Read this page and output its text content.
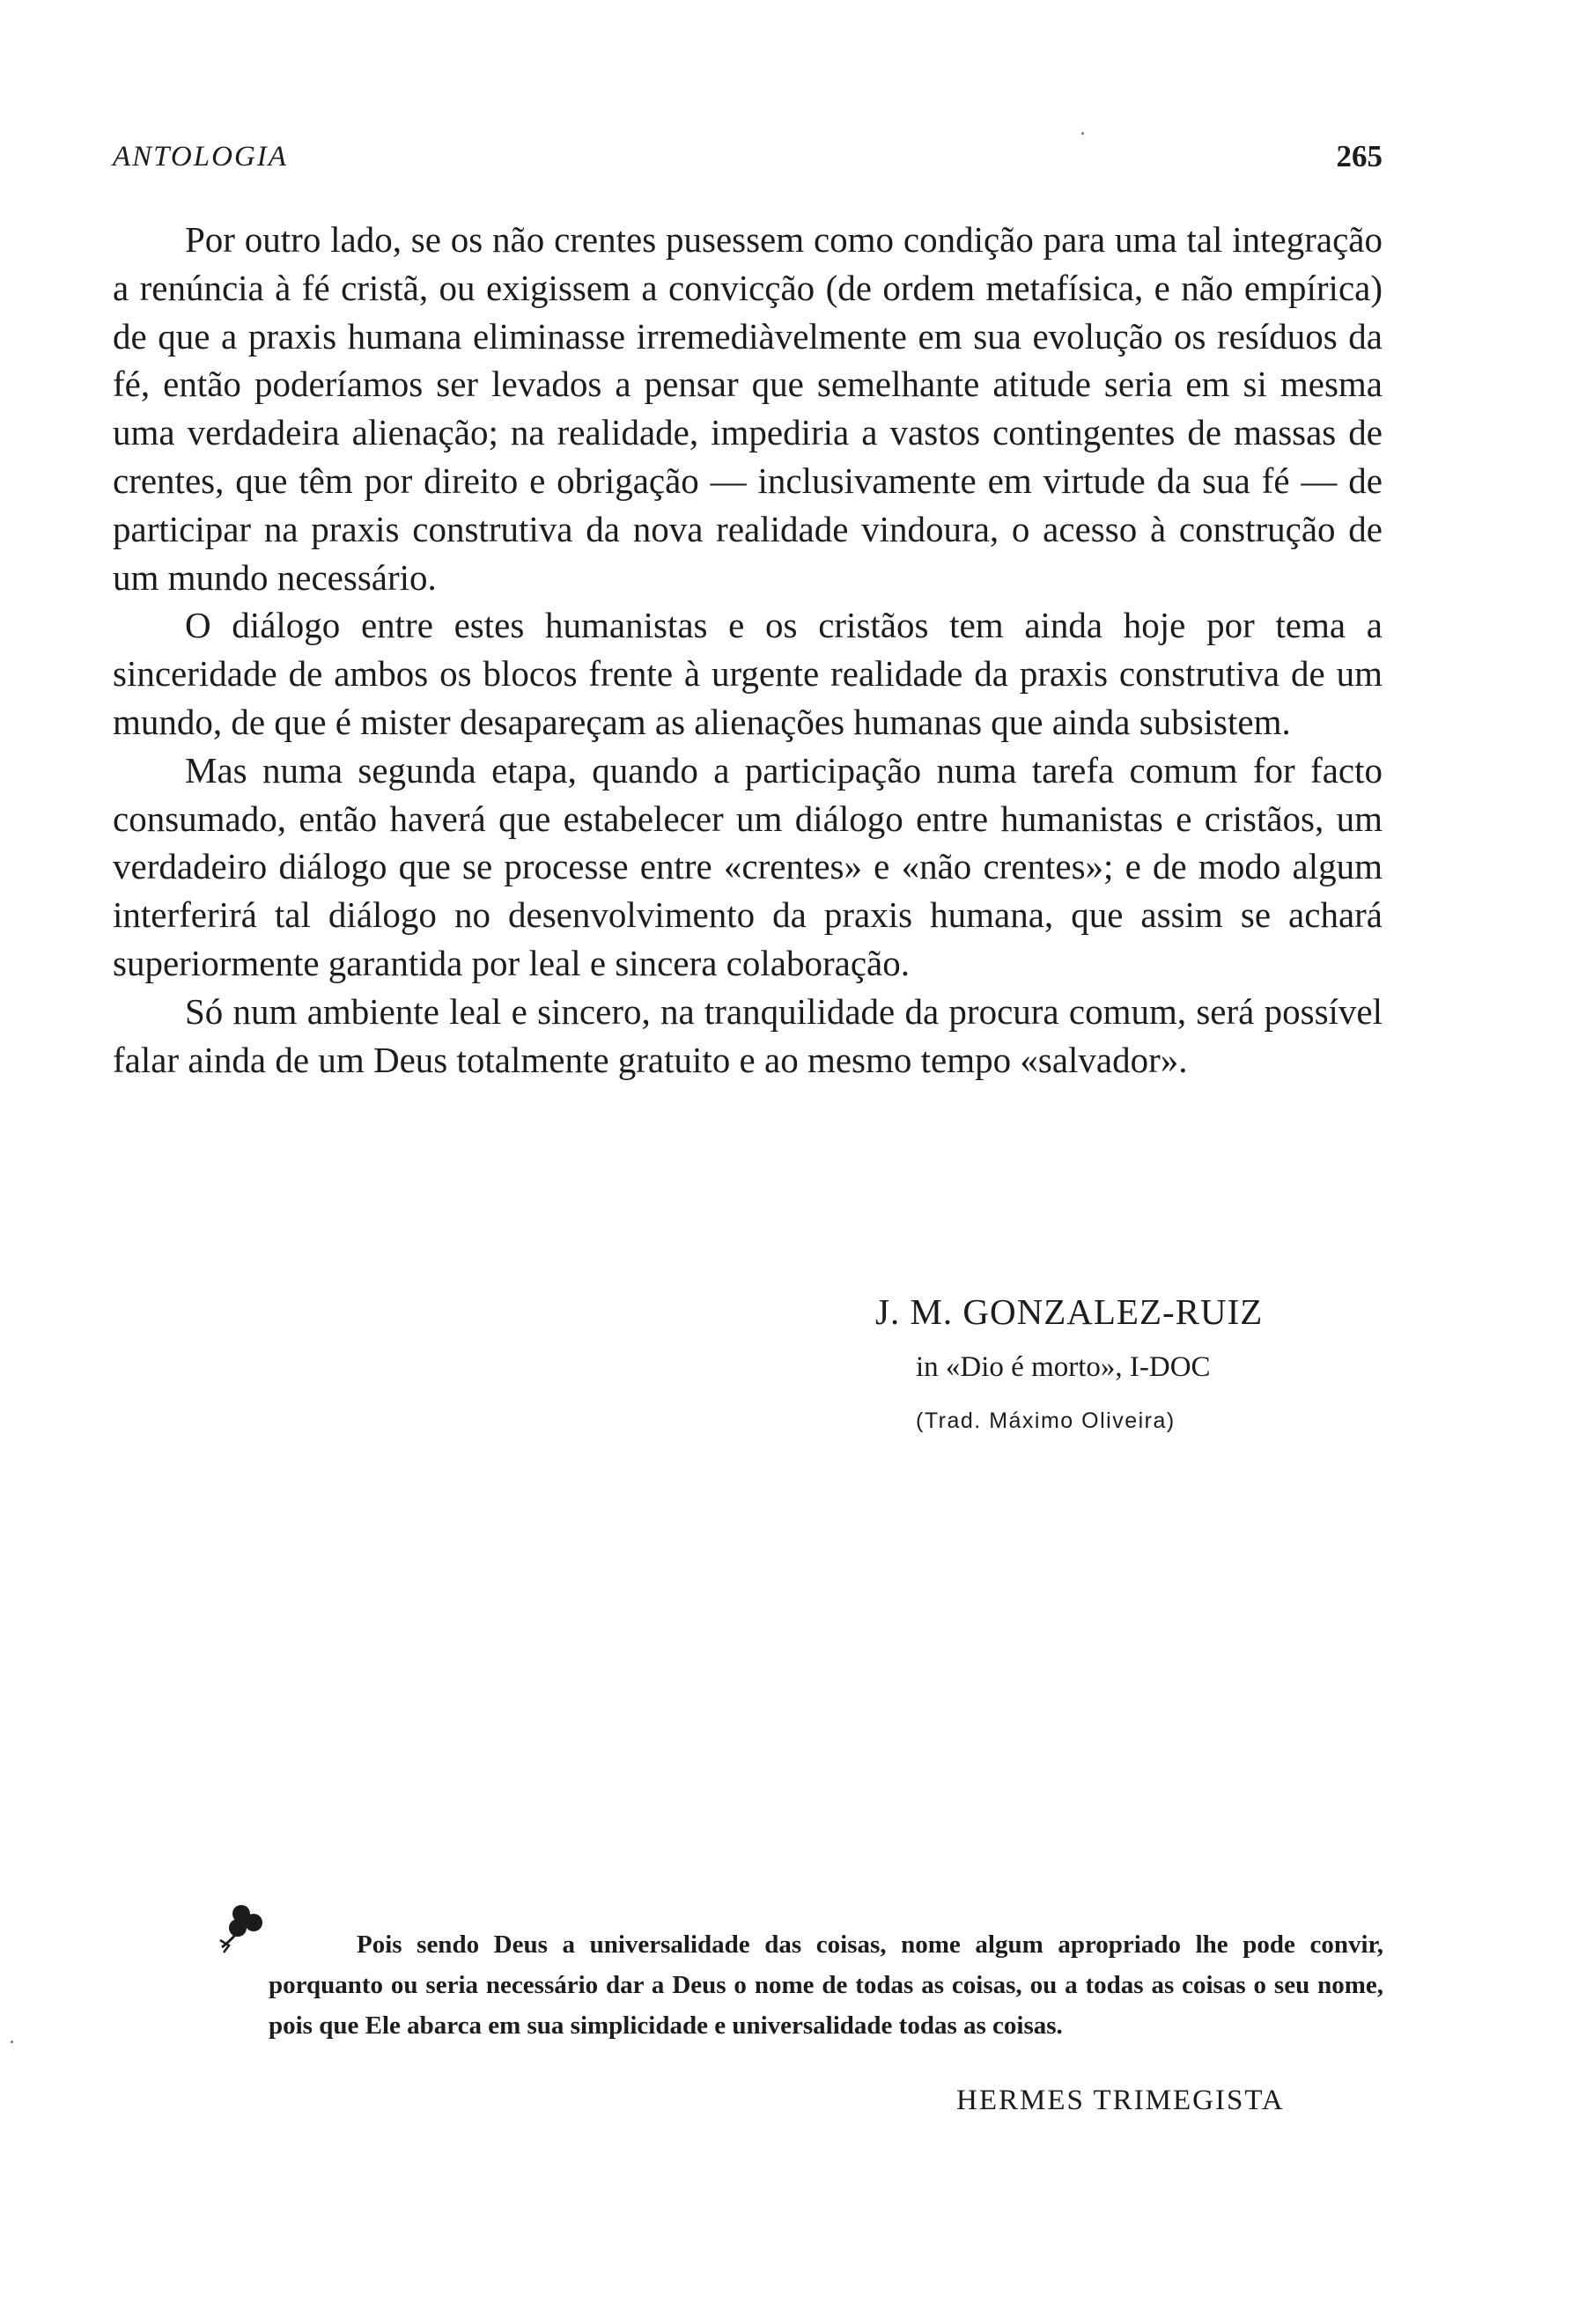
ANTOLOGIA	265

Por outro lado, se os não crentes pusessem como condição para uma tal integração a renúncia à fé cristã, ou exigissem a convicção (de ordem metafísica, e não empírica) de que a praxis humana eliminasse irremediàvelmente em sua evolução os resíduos da fé, então poderíamos ser levados a pensar que semelhante atitude seria em si mesma uma verdadeira alienação; na realidade, impediria a vastos contingentes de massas de crentes, que têm por direito e obrigação — inclusivamente em virtude da sua fé — de participar na praxis construtiva da nova realidade vindoura, o acesso à construção de um mundo necessário.

O diálogo entre estes humanistas e os cristãos tem ainda hoje por tema a sinceridade de ambos os blocos frente à urgente realidade da praxis construtiva de um mundo, de que é mister desapareçam as alienações humanas que ainda subsistem.

Mas numa segunda etapa, quando a participação numa tarefa comum for facto consumado, então haverá que estabelecer um diálogo entre humanistas e cristãos, um verdadeiro diálogo que se processe entre «crentes» e «não crentes»; e de modo algum interferirá tal diálogo no desenvolvimento da praxis humana, que assim se achará superiormente garantida por leal e sincera colaboração.

Só num ambiente leal e sincero, na tranquilidade da procura comum, será possível falar ainda de um Deus totalmente gratuito e ao mesmo tempo «salvador».

J. M. GONZALEZ-RUIZ
in «Dio é morto», I-DOC
(Trad. Máximo Oliveira)

Pois sendo Deus a universalidade das coisas, nome algum apropriado lhe pode convir, porquanto ou seria necessário dar a Deus o nome de todas as coisas, ou a todas as coisas o seu nome, pois que Ele abarca em sua simplicidade e universalidade todas as coisas.

HERMES TRIMEGISTA
